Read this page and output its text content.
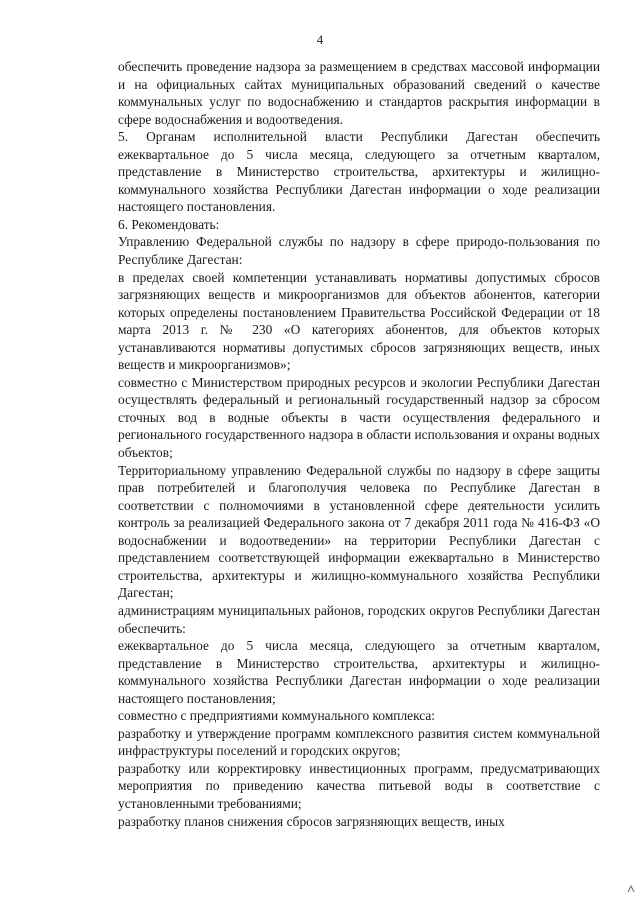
4

обеспечить проведение надзора за размещением в средствах массовой информации и на официальных сайтах муниципальных образований сведений о качестве коммунальных услуг по водоснабжению и стандартов раскрытия информации в сфере водоснабжения и водоотведения.

5. Органам исполнительной власти Республики Дагестан обеспечить ежеквартальное до 5 числа месяца, следующего за отчетным кварталом, представление в Министерство строительства, архитектуры и жилищно-коммунального хозяйства Республики Дагестан информации о ходе реализации настоящего постановления.

6. Рекомендовать:

Управлению Федеральной службы по надзору в сфере природо-пользования по Республике Дагестан:

в пределах своей компетенции устанавливать нормативы допустимых сбросов загрязняющих веществ и микроорганизмов для объектов абонентов, категории которых определены постановлением Правительства Российской Федерации от 18 марта 2013 г. № 230 «О категориях абонентов, для объектов которых устанавливаются нормативы допустимых сбросов загрязняющих веществ, иных веществ и микроорганизмов»;

совместно с Министерством природных ресурсов и экологии Республики Дагестан осуществлять федеральный и региональный государственный надзор за сбросом сточных вод в водные объекты в части осуществления федерального и регионального государственного надзора в области использования и охраны водных объектов;

Территориальному управлению Федеральной службы по надзору в сфере защиты прав потребителей и благополучия человека по Республике Дагестан в соответствии с полномочиями в установленной сфере деятельности усилить контроль за реализацией Федерального закона от 7 декабря 2011 года № 416-ФЗ «О водоснабжении и водоотведении» на территории Республики Дагестан с представлением соответствующей информации ежеквартально в Министерство строительства, архитектуры и жилищно-коммунального хозяйства Республики Дагестан;

администрациям муниципальных районов, городских округов Республики Дагестан обеспечить:

ежеквартальное до 5 числа месяца, следующего за отчетным кварталом, представление в Министерство строительства, архитектуры и жилищно-коммунального хозяйства Республики Дагестан информации о ходе реализации настоящего постановления;

совместно с предприятиями коммунального комплекса:

разработку и утверждение программ комплексного развития систем коммунальной инфраструктуры поселений и городских округов;

разработку или корректировку инвестиционных программ, предусматривающих мероприятия по приведению качества питьевой воды в соответствие с установленными требованиями;

разработку планов снижения сбросов загрязняющих веществ, иных
